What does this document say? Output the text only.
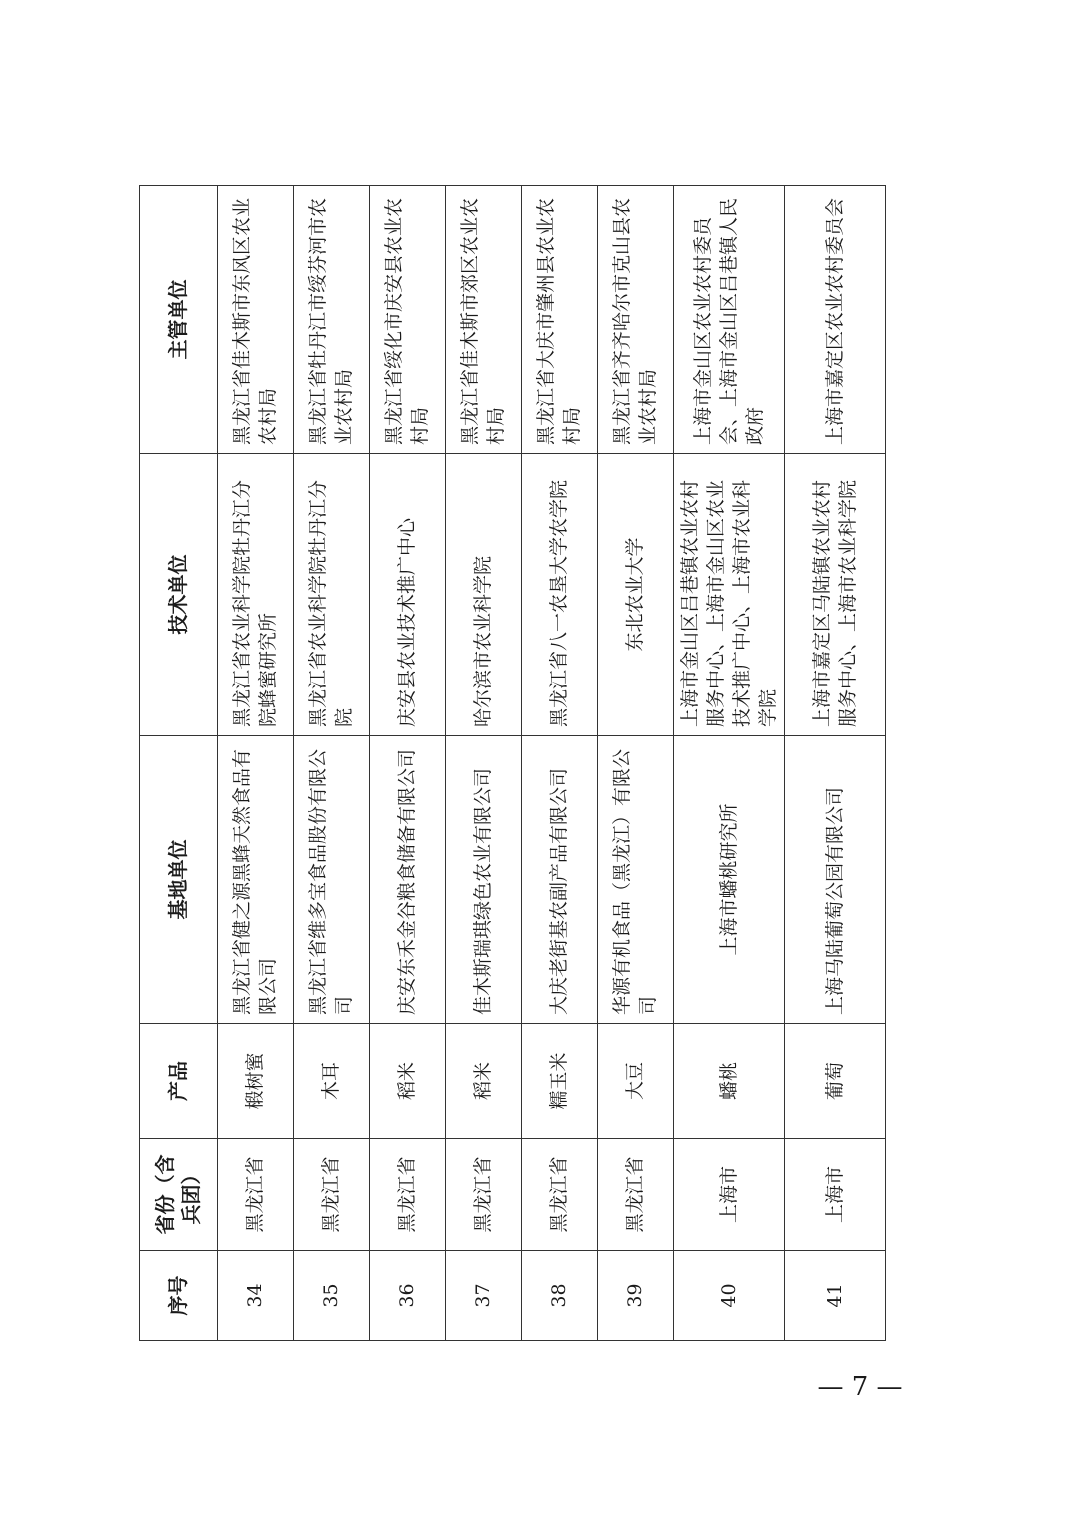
序号	省份（含兵团）	产品	基地单位	技术单位	主管单位
34	黑龙江省	椴树蜜	黑龙江省健之源黑蜂天然食品有限公司	黑龙江省农业科学院牡丹江分院蜂蜜研究所	黑龙江省佳木斯市东风区农业农村局
35	黑龙江省	木耳	黑龙江省维多宝食品股份有限公司	黑龙江省农业科学院牡丹江分院	黑龙江省牡丹江市绥芬河市农业农村局
36	黑龙江省	稻米	庆安东禾金谷粮食储备有限公司	庆安县农业技术推广中心	黑龙江省绥化市庆安县农业农村局
37	黑龙江省	稻米	佳木斯瑞琪绿色农业有限公司	哈尔滨市农业科学院	黑龙江省佳木斯市郊区农业农村局
38	黑龙江省	糯玉米	大庆老街基农副产品有限公司	黑龙江省八一农垦大学农学院	黑龙江省大庆市肇州县农业农村局
39	黑龙江省	大豆	华源有机食品（黑龙江）有限公司	东北农业大学	黑龙江省齐齐哈尔市克山县农业农村局
40	上海市	蟠桃	上海市蟠桃研究所	上海市金山区吕巷镇农业农村服务中心、上海市金山区农业技术推广中心、上海市农业科学院	上海市金山区农业农村委员会、上海市金山区吕巷镇人民政府
41	上海市	葡萄	上海马陆葡萄公园有限公司	上海市嘉定区马陆镇农业农村服务中心、上海市农业科学院	上海市嘉定区农业农村委员会
— 7 —
